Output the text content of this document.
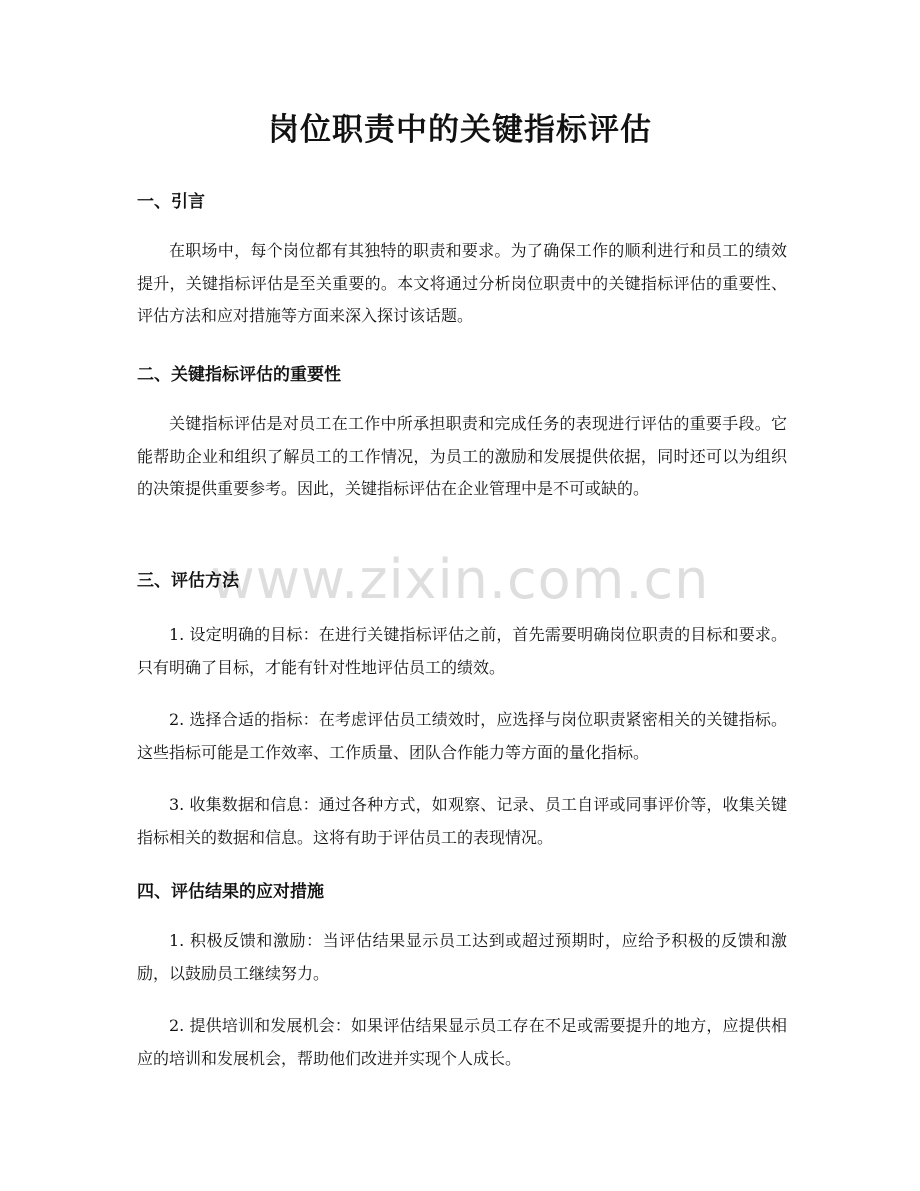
岗位职责中的关键指标评估
一、引言

在职场中，每个岗位都有其独特的职责和要求。为了确保工作的顺利进行和员工的绩效提升，关键指标评估是至关重要的。本文将通过分析岗位职责中的关键指标评估的重要性、评估方法和应对措施等方面来深入探讨该话题。

二、关键指标评估的重要性

关键指标评估是对员工在工作中所承担职责和完成任务的表现进行评估的重要手段。它能帮助企业和组织了解员工的工作情况，为员工的激励和发展提供依据，同时还可以为组织的决策提供重要参考。因此，关键指标评估在企业管理中是不可或缺的。

三、评估方法

1. 设定明确的目标：在进行关键指标评估之前，首先需要明确岗位职责的目标和要求。只有明确了目标，才能有针对性地评估员工的绩效。

2. 选择合适的指标：在考虑评估员工绩效时，应选择与岗位职责紧密相关的关键指标。这些指标可能是工作效率、工作质量、团队合作能力等方面的量化指标。

3. 收集数据和信息：通过各种方式，如观察、记录、员工自评或同事评价等，收集关键指标相关的数据和信息。这将有助于评估员工的表现情况。

四、评估结果的应对措施

1. 积极反馈和激励：当评估结果显示员工达到或超过预期时，应给予积极的反馈和激励，以鼓励员工继续努力。

2. 提供培训和发展机会：如果评估结果显示员工存在不足或需要提升的地方，应提供相应的培训和发展机会，帮助他们改进并实现个人成长。

www.zixin.com.cn
